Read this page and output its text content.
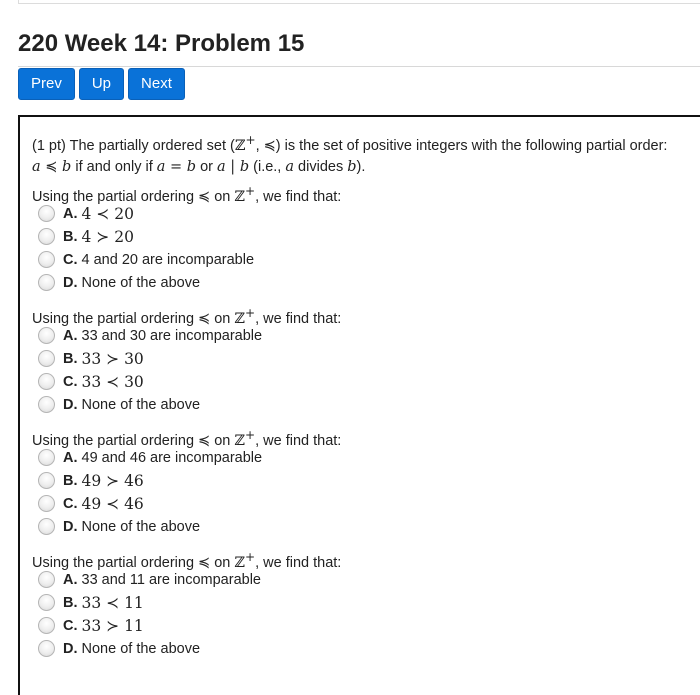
220 Week 14: Problem 15
Prev	Up	Next

(1 pt) The partially ordered set (ℤ+, ≼) is the set of positive integers with the following partial order:
a ≼ b if and only if a = b or a | b (i.e., a divides b).

Using the partial ordering ≼ on ℤ+, we find that:

A. 4 ≺ 20
B. 4 ≻ 20
C. 4 and 20 are incomparable
D. None of the above

Using the partial ordering ≼ on ℤ+, we find that:

A. 33 and 30 are incomparable
B. 33 ≻ 30
C. 33 ≺ 30
D. None of the above

Using the partial ordering ≼ on ℤ+, we find that:

A. 49 and 46 are incomparable
B. 49 ≻ 46
C. 49 ≺ 46
D. None of the above

Using the partial ordering ≼ on ℤ+, we find that:

A. 33 and 11 are incomparable
B. 33 ≺ 11
C. 33 ≻ 11
D. None of the above
